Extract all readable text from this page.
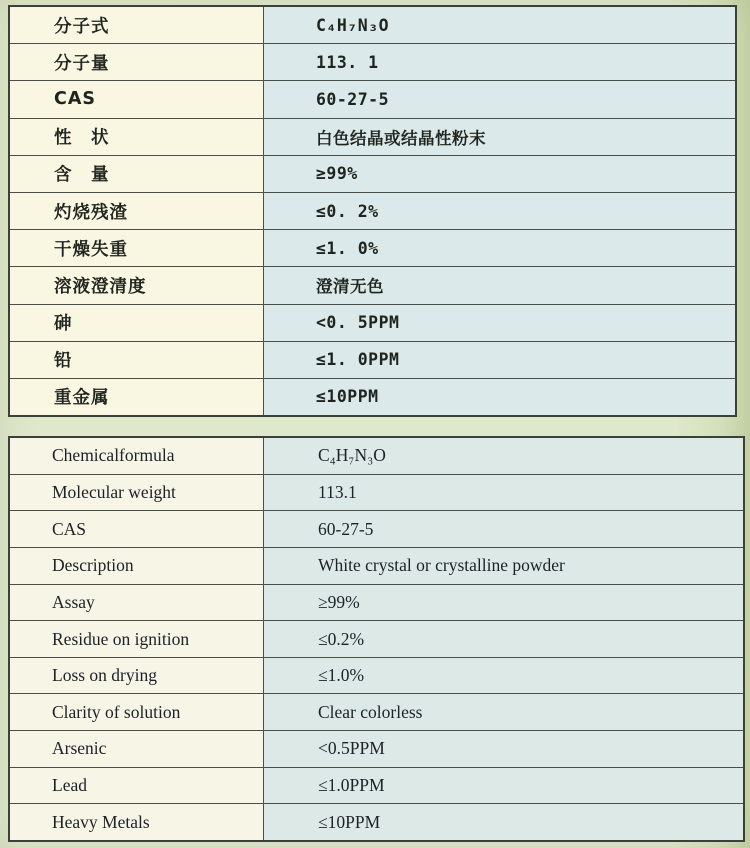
分子式	C₄H₇N₃O
分子量	113. 1
CAS	60-27-5
性　状	白色结晶或结晶性粉末
含　量	≥99%
灼烧残渣	≤0. 2%
干燥失重	≤1. 0%
溶液澄清度	澄清无色
砷	<0. 5PPM
铅	≤1. 0PPM
重金属	≤10PPM
Chemicalformula	C₄H₇N₃O
Molecular weight	113.1
CAS	60-27-5
Description	White crystal or crystalline powder
Assay	≥99%
Residue on ignition	≤0.2%
Loss on drying	≤1.0%
Clarity of solution	Clear colorless
Arsenic	<0.5PPM
Lead	≤1.0PPM
Heavy Metals	≤10PPM
